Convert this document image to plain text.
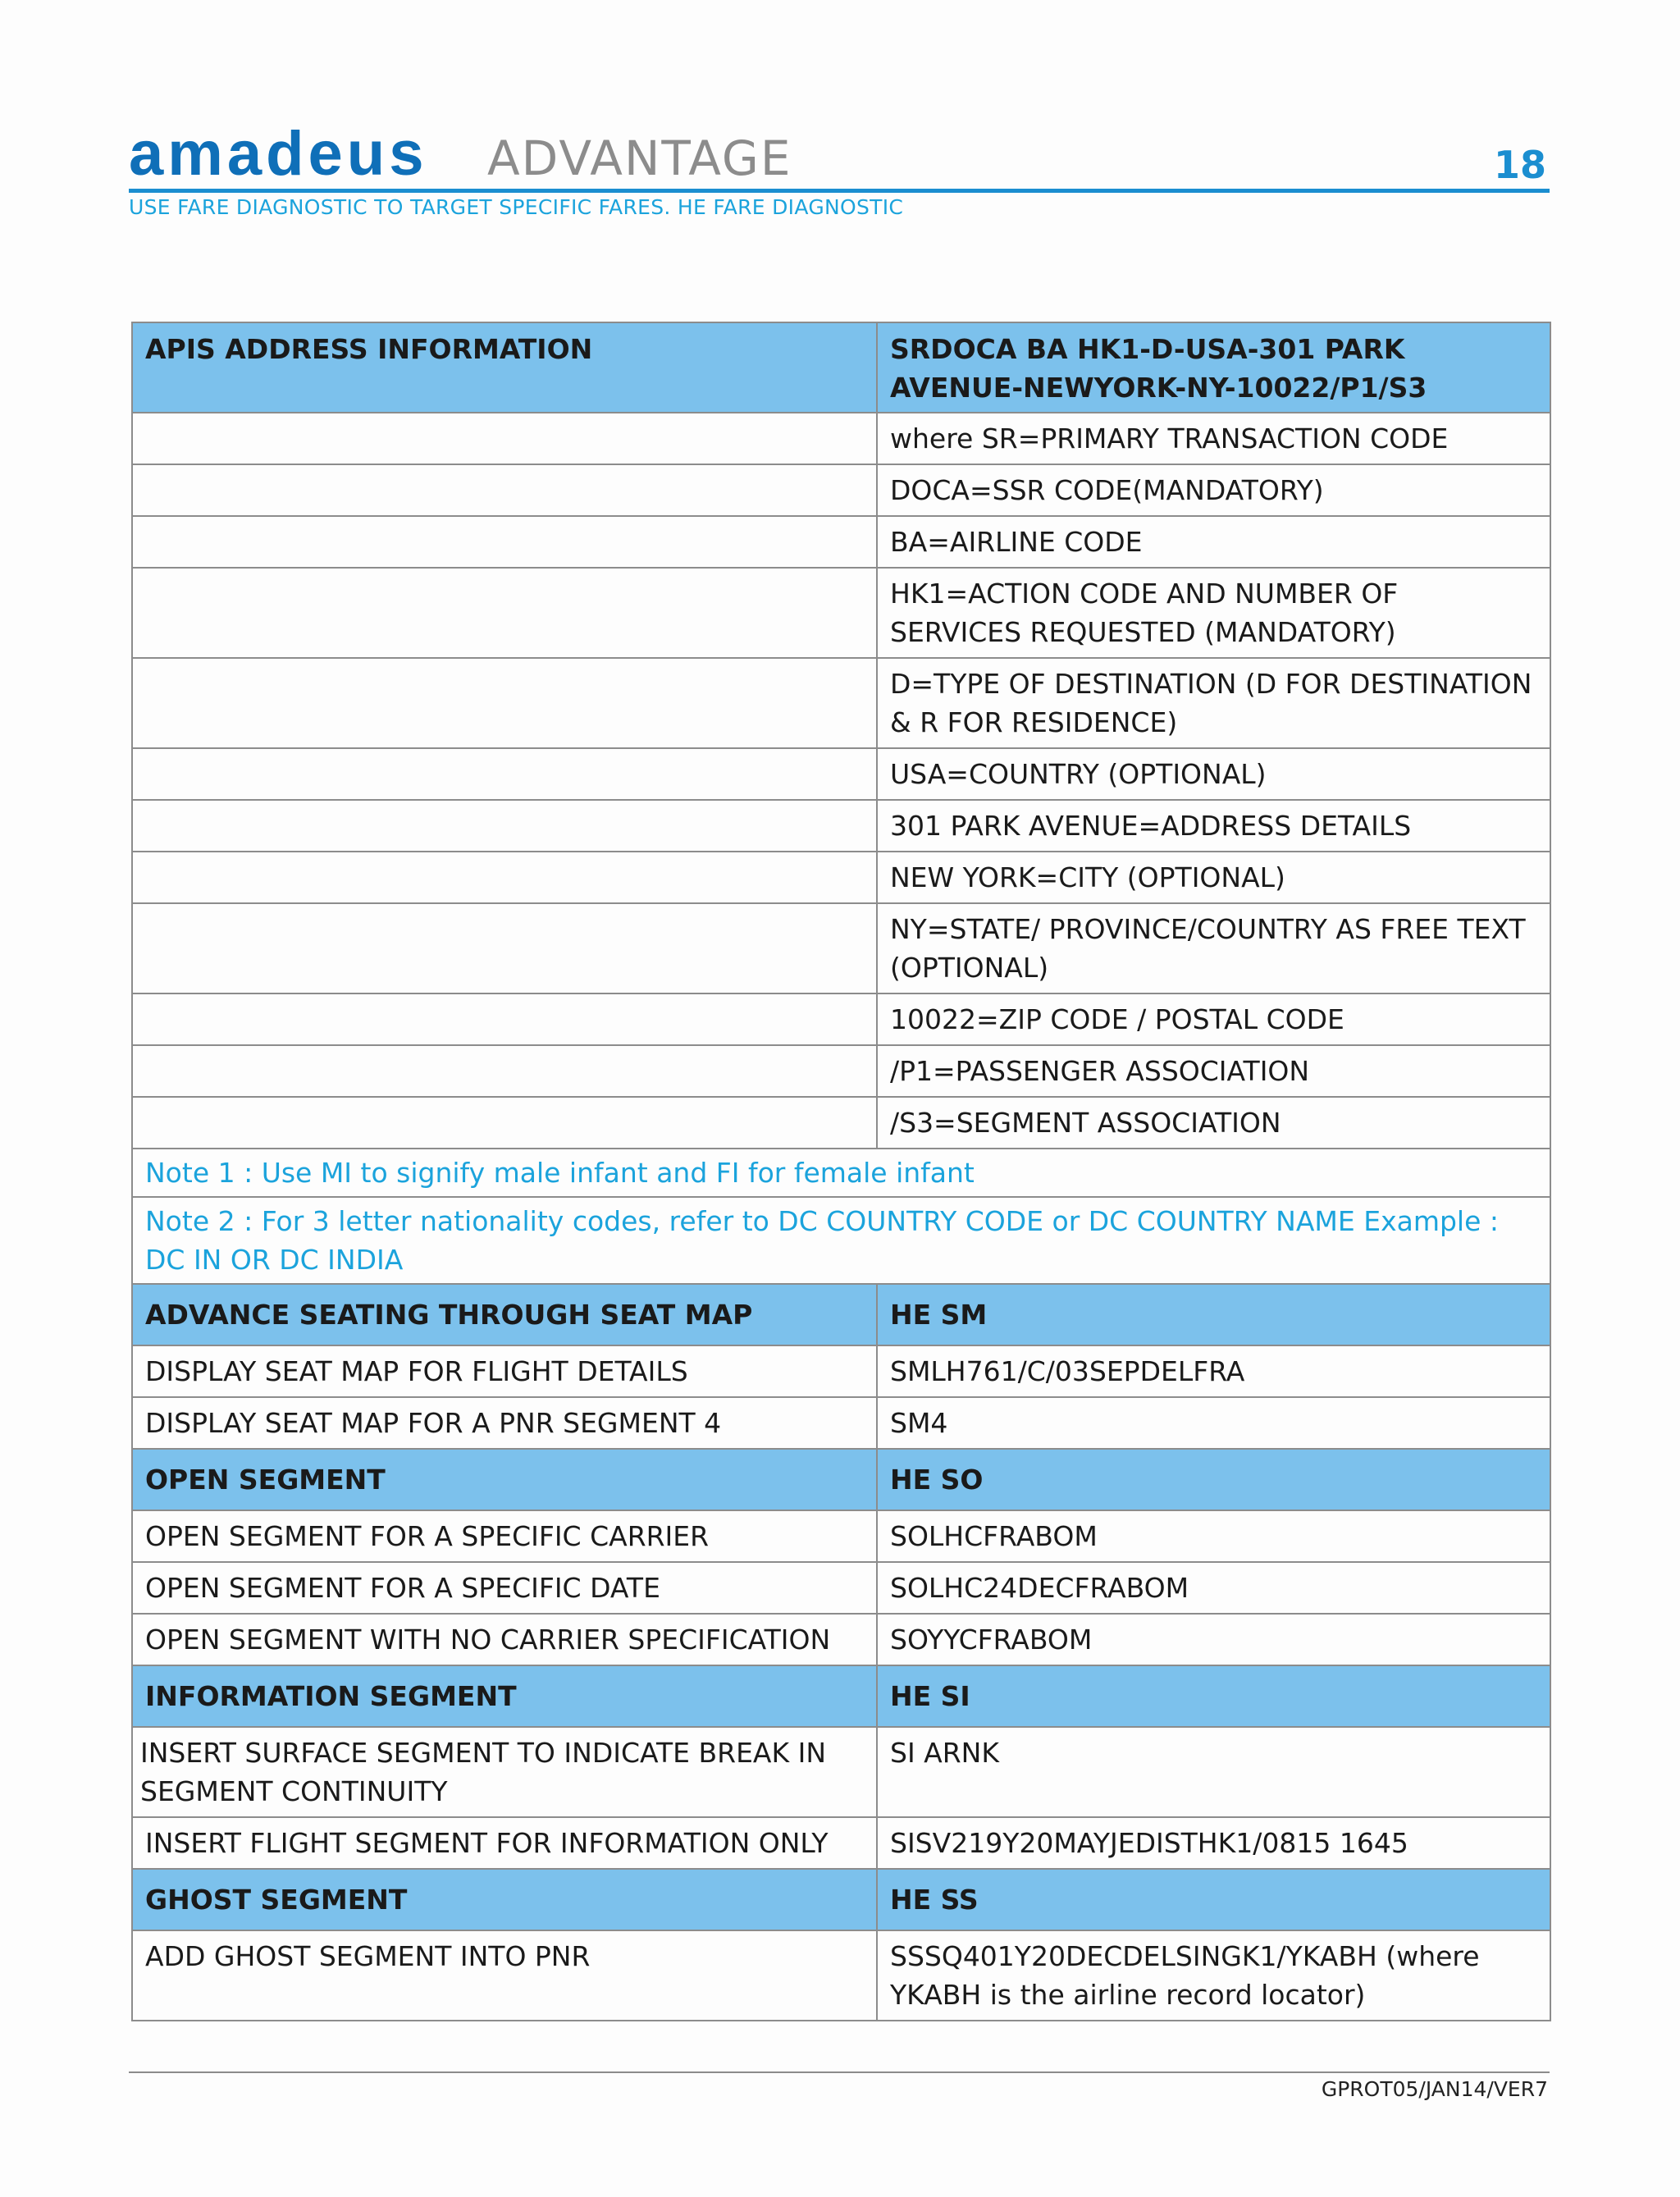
amadeus ADVANTAGE	18
USE FARE DIAGNOSTIC TO TARGET SPECIFIC FARES. HE FARE DIAGNOSTIC
APIS ADDRESS INFORMATION	SRDOCA BA HK1-D-USA-301 PARK AVENUE-NEWYORK-NY-10022/P1/S3
	where SR=PRIMARY TRANSACTION CODE
	DOCA=SSR CODE(MANDATORY)
	BA=AIRLINE CODE
	HK1=ACTION CODE AND NUMBER OF SERVICES REQUESTED (MANDATORY)
	D=TYPE OF DESTINATION (D FOR DESTINATION & R FOR RESIDENCE)
	USA=COUNTRY (OPTIONAL)
	301 PARK AVENUE=ADDRESS DETAILS
	NEW YORK=CITY (OPTIONAL)
	NY=STATE/ PROVINCE/COUNTRY AS FREE TEXT (OPTIONAL)
	10022=ZIP CODE / POSTAL CODE
	/P1=PASSENGER ASSOCIATION
	/S3=SEGMENT ASSOCIATION
Note 1 : Use MI to signify male infant and FI for female infant	
Note 2 : For 3 letter nationality codes, refer to DC COUNTRY CODE or DC COUNTRY NAME Example : DC IN OR DC INDIA	
ADVANCE SEATING THROUGH SEAT MAP	HE SM
DISPLAY SEAT MAP FOR FLIGHT DETAILS	SMLH761/C/03SEPDELFRA
DISPLAY SEAT MAP FOR A PNR SEGMENT 4	SM4
OPEN SEGMENT	HE SO
OPEN SEGMENT FOR A SPECIFIC CARRIER	SOLHCFRABOM
OPEN SEGMENT FOR A SPECIFIC DATE	SOLHC24DECFRABOM
OPEN SEGMENT WITH NO CARRIER SPECIFICATION	SOYYCFRABOM
INFORMATION SEGMENT	HE SI
INSERT SURFACE SEGMENT TO INDICATE BREAK IN SEGMENT CONTINUITY	SI ARNK
INSERT FLIGHT SEGMENT FOR INFORMATION ONLY	SISV219Y20MAYJEDISTHK1/0815 1645
GHOST SEGMENT	HE SS
ADD GHOST SEGMENT INTO PNR	SSSQ401Y20DECDELSINGK1/YKABH (where YKABH is the airline record locator)
GPROT05/JAN14/VER7
